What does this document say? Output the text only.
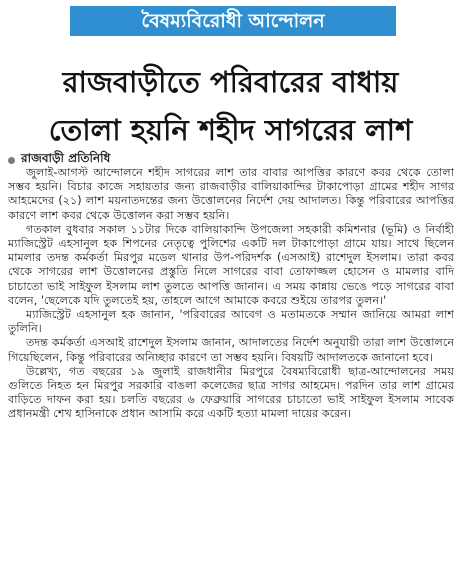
বৈষম্যবিরোধী আন্দোলন
রাজবাড়ীতে পরিবারের বাধায়
তোলা হয়নি শহীদ সাগরের লাশ
রাজবাড়ী প্রতিনিধি

জুলাই-আগস্ট আন্দোলনে শহীদ সাগরের লাশ তার বাবার আপত্তির কারণে কবর থেকে তোলা সম্ভব হয়নি। বিচার কাজে সহায়তার জন্য রাজবাড়ীর বালিয়াকান্দির টাকাপোড়া গ্রামের শহীদ সাগর আহমেদের (২১) লাশ ময়নাতদন্তের জন্য উত্তোলনের নির্দেশ দেয় আদালত। কিন্তু পরিবারের আপত্তির কারণে লাশ কবর থেকে উত্তোলন করা সম্ভব হয়নি।

গতকাল বুধবার সকাল ১১টার দিকে বালিয়াকান্দি উপজেলা সহকারী কমিশনার (ভূমি) ও নির্বাহী ম্যাজিস্ট্রেট এহসানুল হক শিপনের নেতৃত্বে পুলিশের একটি দল টাকাপোড়া গ্রামে যায়। সাথে ছিলেন মামলার তদন্ত কর্মকর্তা মিরপুর মডেল থানার উপ-পরিদর্শক (এসআই) রাশেদুল ইসলাম। তারা কবর থেকে সাগরের লাশ উত্তোলনের প্রস্তুতি নিলে সাগরের বাবা তোফাজ্জল হোসেন ও মামলার বাদি চাচাতো ভাই সাইফুল ইসলাম লাশ তুলতে আপত্তি জানান। এ সময় কান্নায় ভেঙে পড়ে সাগরের বাবা বলেন, 'ছেলেকে যদি তুলতেই হয়, তাহলে আগে আমাকে কবরে শুইয়ে তারপর তুলন।'

ম্যাজিস্ট্রেট এহসানুল হক জানান, 'পরিবারের আবেগ ও মতামতকে সম্মান জানিয়ে আমরা লাশ তুলিনি।

তদন্ত কর্মকর্তা এসআই রাশেদুল ইসলাম জানান, আদালতের নির্দেশ অনুযায়ী তারা লাশ উত্তোলনে গিয়েছিলেন, কিন্তু পরিবারের অনিচ্ছার কারণে তা সম্ভব হয়নি। বিষয়টি আদালতকে জানানো হবে।

উল্লেখ্য, গত বছরের ১৯ জুলাই রাজধানীর মিরপুরে বৈষম্যবিরোধী ছাত্র-আন্দোলনের সময় গুলিতে নিহত হন মিরপুর সরকারি বাঙলা কলেজের ছাত্র সাগর আহমেদ। পরদিন তার লাশ গ্রামের বাড়িতে দাফন করা হয়। চলতি বছরের ৬ ফেব্রুয়ারি সাগরের চাচাতো ভাই সাইফুল ইসলাম সাবেক প্রধানমন্ত্রী শেখ হাসিনাকে প্রধান আসামি করে একটি হত্যা মামলা দায়ের করেন।
